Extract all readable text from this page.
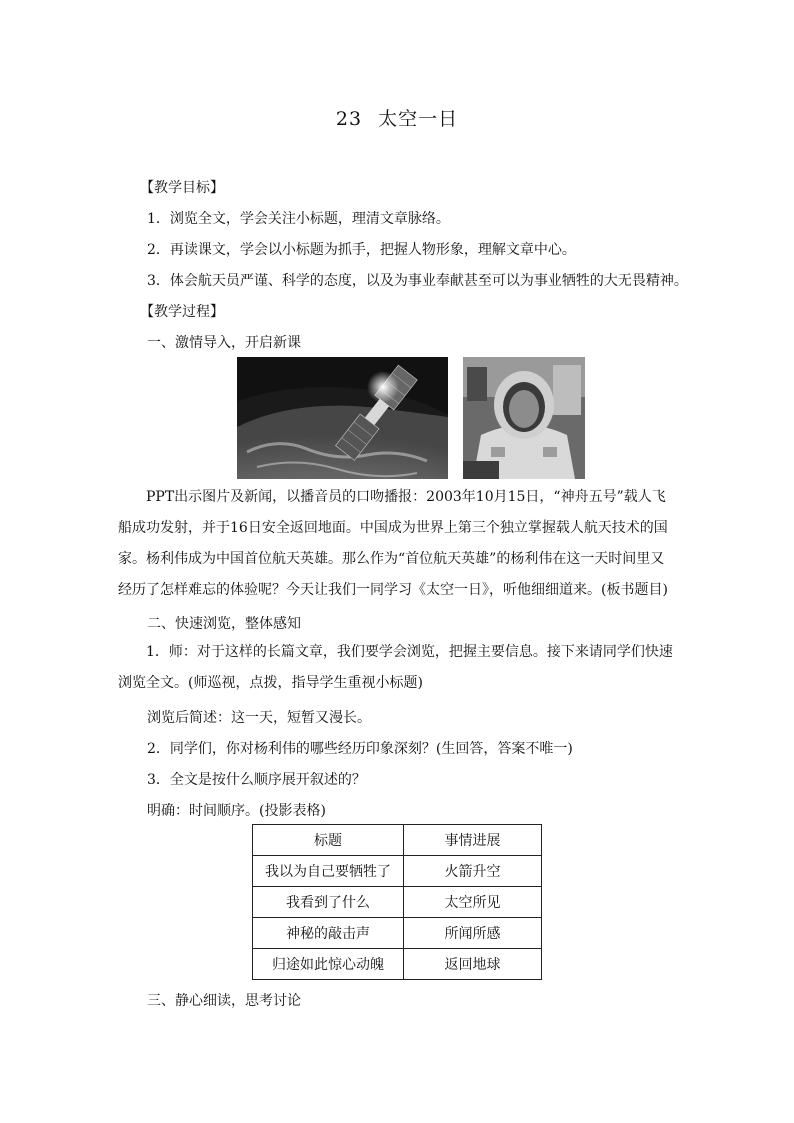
23 太空一日
【教学目标】
1．浏览全文，学会关注小标题，理清文章脉络。
2．再读课文，学会以小标题为抓手，把握人物形象，理解文章中心。
3．体会航天员严谨、科学的态度，以及为事业奉献甚至可以为事业牺牲的大无畏精神。
【教学过程】
一、激情导入，开启新课
PPT出示图片及新闻，以播音员的口吻播报：2003年10月15日，“神舟五号”载人飞船成功发射，并于16日安全返回地面。中国成为世界上第三个独立掌握载人航天技术的国家。杨利伟成为中国首位航天英雄。那么作为“首位航天英雄”的杨利伟在这一天时间里又经历了怎样难忘的体验呢？今天让我们一同学习《太空一日》，听他细细道来。(板书题目)
二、快速浏览，整体感知
1．师：对于这样的长篇文章，我们要学会浏览，把握主要信息。接下来请同学们快速浏览全文。(师巡视，点拨，指导学生重视小标题)
浏览后简述：这一天，短暂又漫长。
2．同学们，你对杨利伟的哪些经历印象深刻？(生回答，答案不唯一)
3．全文是按什么顺序展开叙述的？
明确：时间顺序。(投影表格)
标题	事情进展
我以为自己要牺牲了	火箭升空
我看到了什么	太空所见
神秘的敲击声	所闻所感
归途如此惊心动魄	返回地球
三、静心细读，思考讨论
